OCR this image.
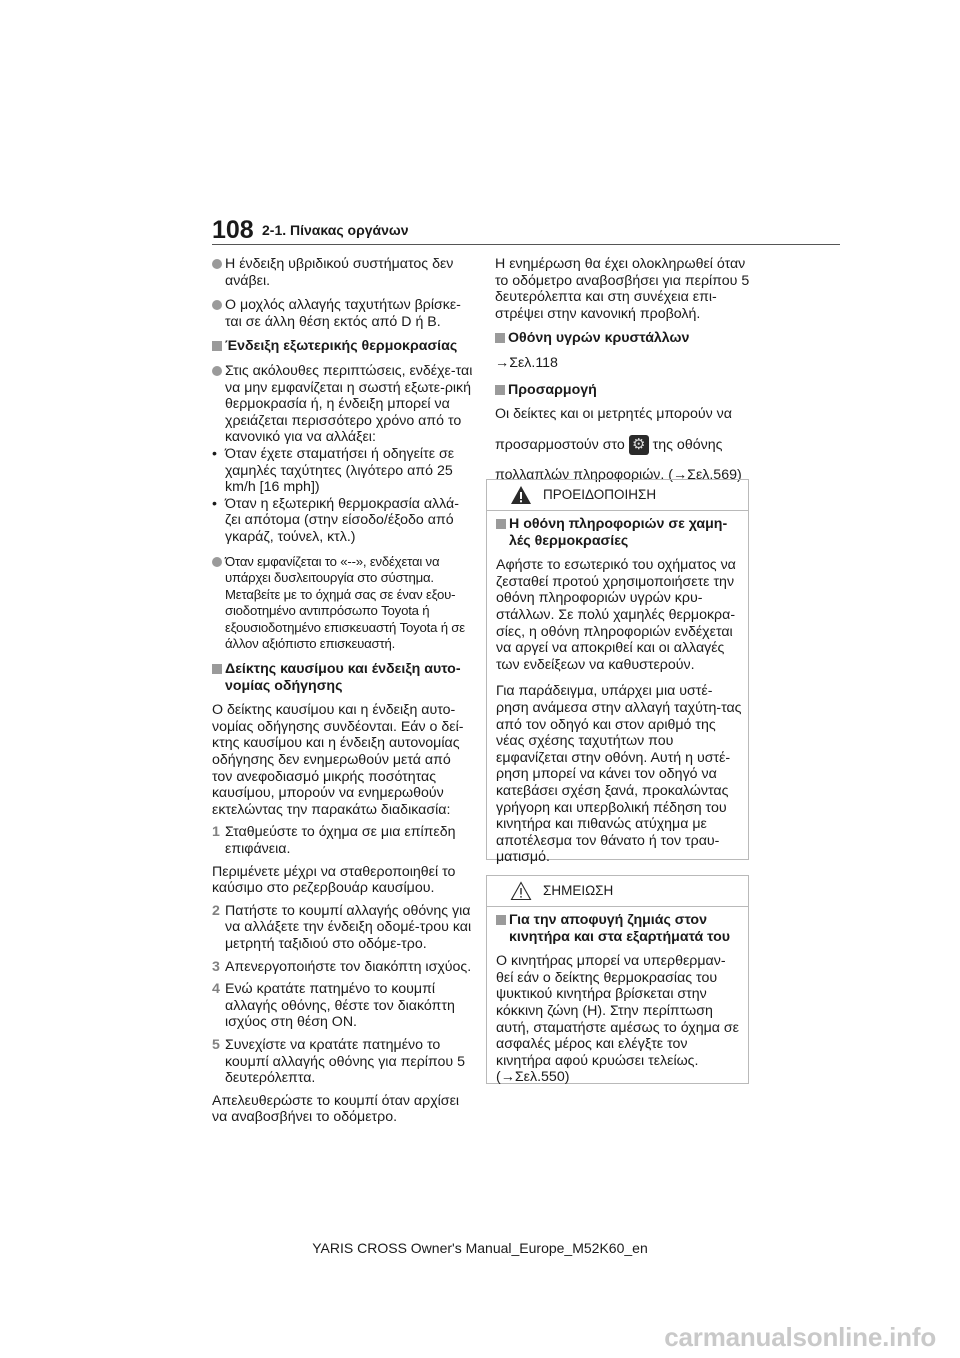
108 2-1. Πίνακας οργάνων
Η ένδειξη υβριδικού συστήματος δεν ανάβει.
Ο μοχλός αλλαγής ταχυτήτων βρίσκε-ται σε άλλη θέση εκτός από D ή B.
Ένδειξη εξωτερικής θερμοκρασίας
Στις ακόλουθες περιπτώσεις, ενδέχε-ται να μην εμφανίζεται η σωστή εξωτε-ρική θερμοκρασία ή, η ένδειξη μπορεί να χρειάζεται περισσότερο χρόνο από το κανονικό για να αλλάξει:
• Όταν έχετε σταματήσει ή οδηγείτε σε χαμηλές ταχύτητες (λιγότερο από 25 km/h [16 mph])
• Όταν η εξωτερική θερμοκρασία αλλά-ζει απότομα (στην είσοδο/έξοδο από γκαράζ, τούνελ, κτλ.)
Όταν εμφανίζεται το «--», ενδέχεται να υπάρχει δυσλειτουργία στο σύστημα. Μεταβείτε με το όχημά σας σε έναν εξου-σιοδοτημένο αντιπρόσωπο Toyota ή εξουσιοδοτημένο επισκευαστή Toyota ή σε άλλον αξιόπιστο επισκευαστή.
Δείκτης καυσίμου και ένδειξη αυτο-νομίας οδήγησης
Ο δείκτης καυσίμου και η ένδειξη αυτο-νομίας οδήγησης συνδέονται. Εάν ο δεί-κτης καυσίμου και η ένδειξη αυτονομίας οδήγησης δεν ενημερωθούν μετά από τον ανεφοδιασμό μικρής ποσότητας καυσίμου, μπορούν να ενημερωθούν εκτελώντας την παρακάτω διαδικασία:
1 Σταθμεύστε το όχημα σε μια επίπεδη επιφάνεια.
Περιμένετε μέχρι να σταθεροποιηθεί το καύσιμο στο ρεζερβουάρ καυσίμου.
2 Πατήστε το κουμπί αλλαγής οθόνης για να αλλάξετε την ένδειξη οδομέ-τρου και μετρητή ταξιδιού στο οδόμε-τρο.
3 Απενεργοποιήστε τον διακόπτη ισχύος.
4 Ενώ κρατάτε πατημένο το κουμπί αλλαγής οθόνης, θέστε τον διακόπτη ισχύος στη θέση ON.
5 Συνεχίστε να κρατάτε πατημένο το κουμπί αλλαγής οθόνης για περίπου 5 δευτερόλεπτα.
Απελευθερώστε το κουμπί όταν αρχίσει να αναβοσβήνει το οδόμετρο.
Η ενημέρωση θα έχει ολοκληρωθεί όταν το οδόμετρο αναβοσβήσει για περίπου 5 δευτερόλεπτα και στη συνέχεια επι-στρέψει στην κανονική προβολή.
Οθόνη υγρών κρυστάλλων
→Σελ.118
Προσαρμογή
Οι δείκτες και οι μετρητές μπορούν να
προσαρμοστούν στο ⚙ της οθόνης
πολλαπλών πληροφοριών. (→Σελ.569)
ΠΡΟΕΙΔΟΠΟΙΗΣΗ
Η οθόνη πληροφοριών σε χαμη-λές θερμοκρασίες
Αφήστε το εσωτερικό του οχήματος να ζεσταθεί προτού χρησιμοποιήσετε την οθόνη πληροφοριών υγρών κρυ-στάλλων. Σε πολύ χαμηλές θερμοκρα-σίες, η οθόνη πληροφοριών ενδέχεται να αργεί να αποκριθεί και οι αλλαγές των ενδείξεων να καθυστερούν.
Για παράδειγμα, υπάρχει μια υστέ-ρηση ανάμεσα στην αλλαγή ταχύτη-τας από τον οδηγό και στον αριθμό της νέας σχέσης ταχυτήτων που εμφανίζεται στην οθόνη. Αυτή η υστέ-ρηση μπορεί να κάνει τον οδηγό να κατεβάσει σχέση ξανά, προκαλώντας γρήγορη και υπερβολική πέδηση του κινητήρα και πιθανώς ατύχημα με αποτέλεσμα τον θάνατο ή τον τραυ-ματισμό.
ΣΗΜΕΙΩΣΗ
Για την αποφυγή ζημιάς στον κινητήρα και στα εξαρτήματά του
Ο κινητήρας μπορεί να υπερθερμαν-θεί εάν ο δείκτης θερμοκρασίας του ψυκτικού κινητήρα βρίσκεται στην κόκκινη ζώνη (H). Στην περίπτωση αυτή, σταματήστε αμέσως το όχημα σε ασφαλές μέρος και ελέγξτε τον κινητήρα αφού κρυώσει τελείως. (→Σελ.550)
YARIS CROSS Owner's Manual_Europe_M52K60_en
carmanualsonline.info
